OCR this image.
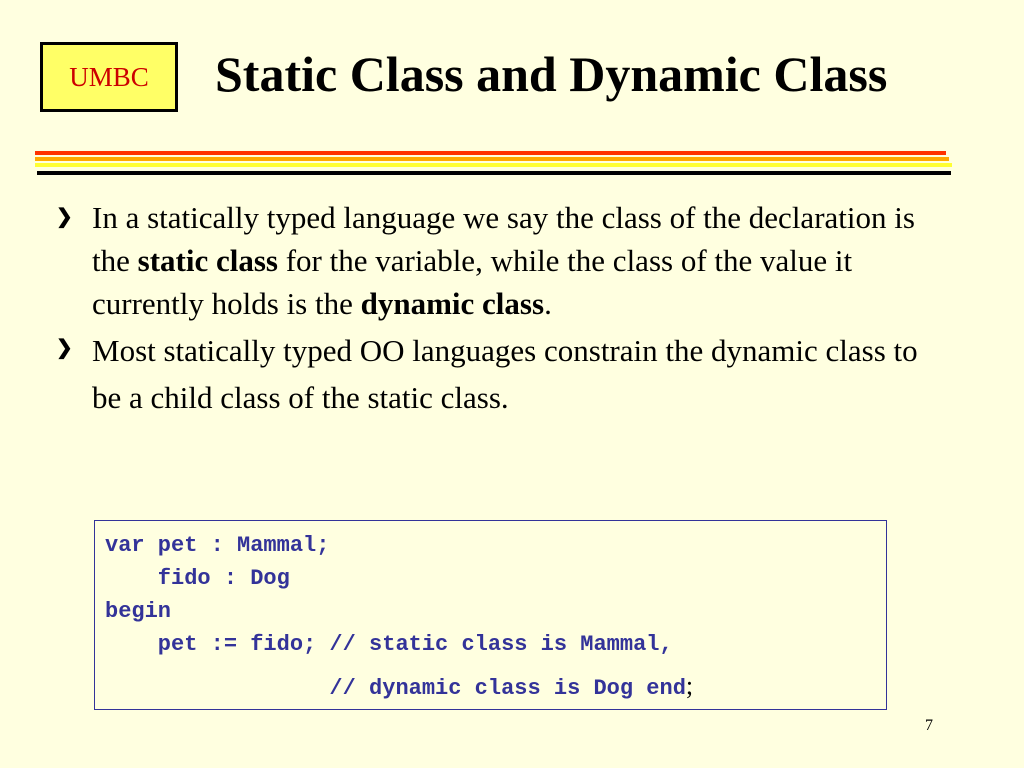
UMBC Static Class and Dynamic Class
❯ In a statically typed language we say the class of the declaration is the static class for the variable, while the class of the value it currently holds is the dynamic class.
❯ Most statically typed OO languages constrain the dynamic class to be a child class of the static class.
var pet : Mammal;
fido : Dog
begin
pet := fido; // static class is Mammal,
// dynamic class is Dog end;
7
